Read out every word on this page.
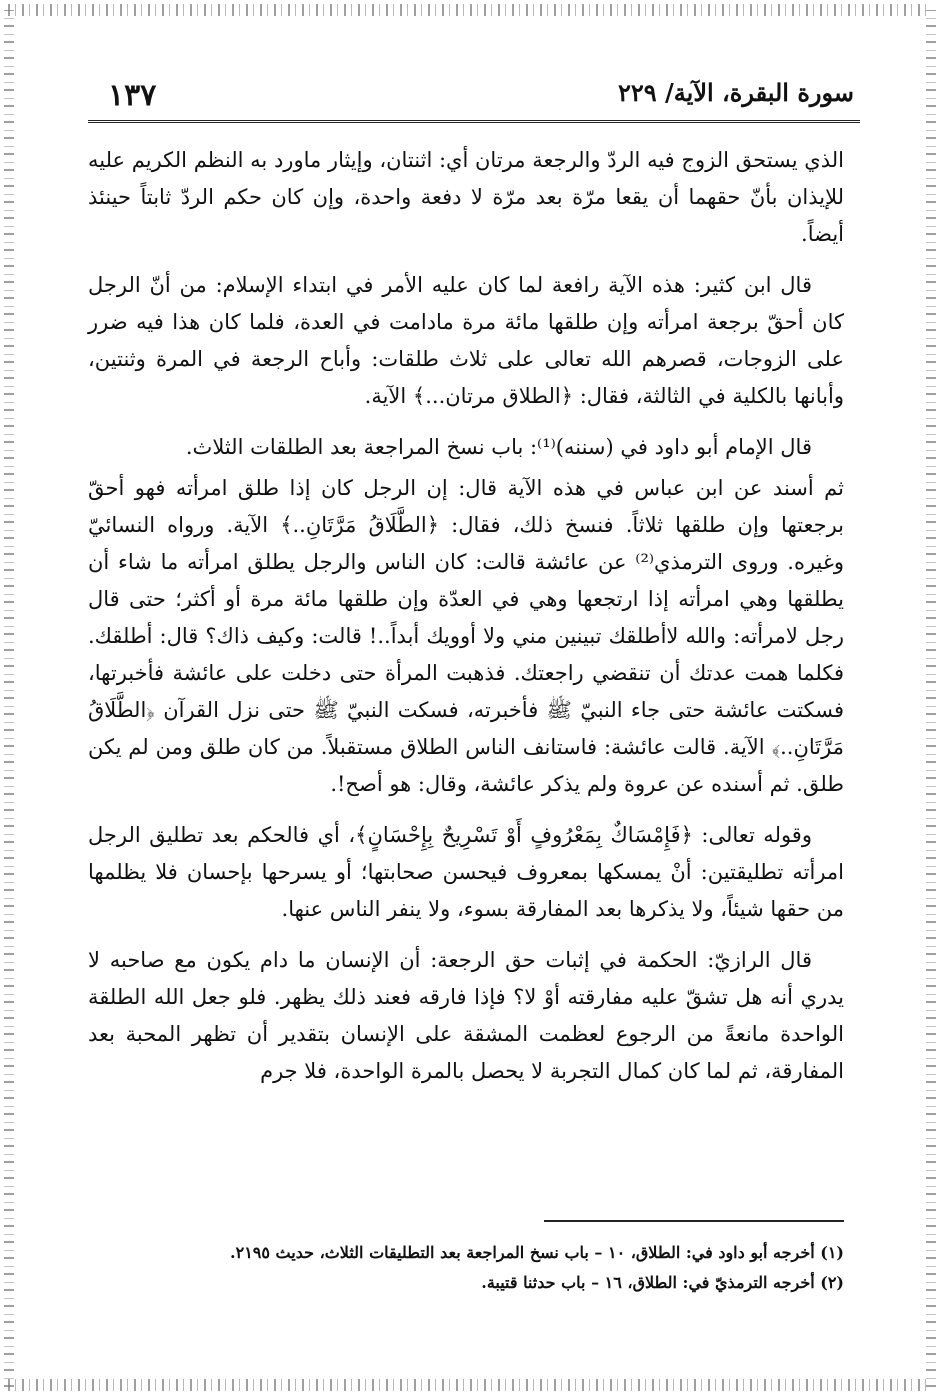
١٣٧	سورة البقرة، الآية/ ٢٢٩

الذي يستحق الزوج فيه الردّ والرجعة مرتان أي: اثنتان، وإيثار ماورد به النظم الكريم عليه للإيذان بأنّ حقهما أن يقعا مرّة بعد مرّة لا دفعة واحدة، وإن كان حكم الردّ ثابتاً حينئذ أيضاً.

قال ابن كثير: هذه الآية رافعة لما كان عليه الأمر في ابتداء الإسلام: من أنّ الرجل كان أحقّ برجعة امرأته وإن طلقها مائة مرة مادامت في العدة، فلما كان هذا فيه ضرر على الزوجات، قصرهم الله تعالى على ثلاث طلقات: وأباح الرجعة في المرة وثنتين، وأبانها بالكلية في الثالثة، فقال: ﴿الطلاق مرتان...﴾ الآية.

قال الإمام أبو داود في (سننه)⁽¹⁾: باب نسخ المراجعة بعد الطلقات الثلاث.

ثم أسند عن ابن عباس في هذه الآية قال: إن الرجل كان إذا طلق امرأته فهو أحقّ برجعتها وإن طلقها ثلاثاً. فنسخ ذلك، فقال: ﴿الطَّلَاقُ مَرَّتَانِ..﴾ الآية. ورواه النسائيّ وغيره. وروى الترمذي⁽²⁾ عن عائشة قالت: كان الناس والرجل يطلق امرأته ما شاء أن يطلقها وهي امرأته إذا ارتجعها وهي في العدّة وإن طلقها مائة مرة أو أكثر؛ حتى قال رجل لامرأته: والله لاأطلقك تبينين مني ولا أوويك أبداً..! قالت: وكيف ذاك؟ قال: أطلقك. فكلما همت عدتك أن تنقضي راجعتك. فذهبت المرأة حتى دخلت على عائشة فأخبرتها، فسكتت عائشة حتى جاء النبيّ ﷺ فأخبرته، فسكت النبيّ ﷺ حتى نزل القرآن ﴿الطَّلَاقُ مَرَّتَانِ..﴾ الآية. قالت عائشة: فاستانف الناس الطلاق مستقبلاً. من كان طلق ومن لم يكن طلق. ثم أسنده عن عروة ولم يذكر عائشة، وقال: هو أصح!.

وقوله تعالى: ﴿فَإِمْسَاكٌ بِمَعْرُوفٍ أَوْ تَسْرِيحٌ بِإِحْسَانٍ﴾، أي فالحكم بعد تطليق الرجل امرأته تطليقتين: أنْ يمسكها بمعروف فيحسن صحابتها؛ أو يسرحها بإحسان فلا يظلمها من حقها شيئاً، ولا يذكرها بعد المفارقة بسوء، ولا ينفر الناس عنها.

قال الرازيّ: الحكمة في إثبات حق الرجعة: أن الإنسان ما دام يكون مع صاحبه لا يدري أنه هل تشقّ عليه مفارقته أوْ لا؟ فإذا فارقه فعند ذلك يظهر. فلو جعل الله الطلقة الواحدة مانعةً من الرجوع لعظمت المشقة على الإنسان بتقدير أن تظهر المحبة بعد المفارقة، ثم لما كان كمال التجربة لا يحصل بالمرة الواحدة، فلا جرم

(١) أخرجه أبو داود في: الطلاق، ١٠ – باب نسخ المراجعة بعد التطليقات الثلاث، حديث ٢١٩٥.
(٢) أخرجه الترمذيّ في: الطلاق، ١٦ – باب حدثنا قتيبة.
